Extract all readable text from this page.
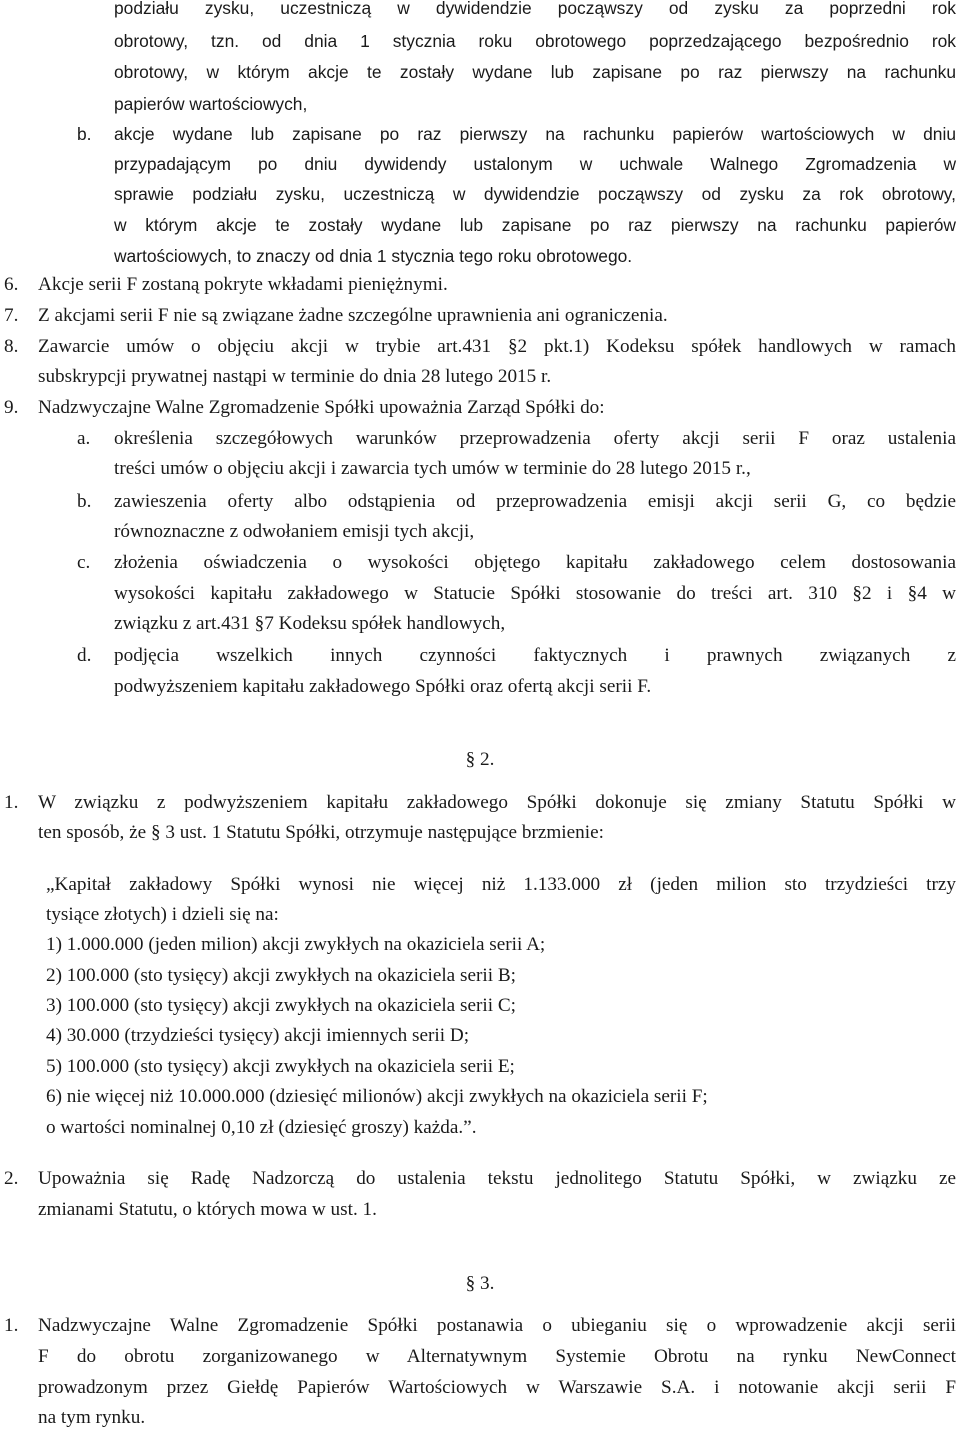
podziału zysku, uczestniczą w dywidendzie począwszy od zysku za poprzedni rok
obrotowy, tzn. od dnia 1 stycznia roku obrotowego poprzedzającego bezpośrednio rok
obrotowy, w którym akcje te zostały wydane lub zapisane po raz pierwszy na rachunku
papierów wartościowych,
b. akcje wydane lub zapisane po raz pierwszy na rachunku papierów wartościowych w dniu
przypadającym po dniu dywidendy ustalonym w uchwale Walnego Zgromadzenia w
sprawie podziału zysku, uczestniczą w dywidendzie począwszy od zysku za rok obrotowy,
w którym akcje te zostały wydane lub zapisane po raz pierwszy na rachunku papierów
wartościowych, to znaczy od dnia 1 stycznia tego roku obrotowego.
6. Akcje serii F zostaną pokryte wkładami pieniężnymi.
7. Z akcjami serii F nie są związane żadne szczególne uprawnienia ani ograniczenia.
8. Zawarcie umów o objęciu akcji w trybie art.431 §2 pkt.1) Kodeksu spółek handlowych w ramach
subskrypcji prywatnej nastąpi w terminie do dnia 28 lutego 2015 r.
9. Nadzwyczajne Walne Zgromadzenie Spółki upoważnia Zarząd Spółki do:
a. określenia szczegółowych warunków przeprowadzenia oferty akcji serii F oraz ustalenia
treści umów o objęciu akcji i zawarcia tych umów w terminie do 28 lutego 2015 r.,
b. zawieszenia oferty albo odstąpienia od przeprowadzenia emisji akcji serii G, co będzie
równoznaczne z odwołaniem emisji tych akcji,
c. złożenia oświadczenia o wysokości objętego kapitału zakładowego celem dostosowania
wysokości kapitału zakładowego w Statucie Spółki stosowanie do treści art. 310 §2 i §4 w
związku z art.431 §7 Kodeksu spółek handlowych,
d. podjęcia wszelkich innych czynności faktycznych i prawnych związanych z
podwyższeniem kapitału zakładowego Spółki oraz ofertą akcji serii F.
§ 2.
1. W związku z podwyższeniem kapitału zakładowego Spółki dokonuje się zmiany Statutu Spółki w
ten sposób, że § 3 ust. 1 Statutu Spółki, otrzymuje następujące brzmienie:
„Kapitał zakładowy Spółki wynosi nie więcej niż 1.133.000 zł (jeden milion sto trzydzieści trzy
tysiące złotych) i dzieli się na:
1) 1.000.000 (jeden milion) akcji zwykłych na okaziciela serii A;
2) 100.000 (sto tysięcy) akcji zwykłych na okaziciela serii B;
3) 100.000 (sto tysięcy) akcji zwykłych na okaziciela serii C;
4) 30.000 (trzydzieści tysięcy) akcji imiennych serii D;
5) 100.000 (sto tysięcy) akcji zwykłych na okaziciela serii E;
6) nie więcej niż 10.000.000 (dziesięć milionów) akcji zwykłych na okaziciela serii F;
o wartości nominalnej 0,10 zł (dziesięć groszy) każda.”.
2. Upoważnia się Radę Nadzorczą do ustalenia tekstu jednolitego Statutu Spółki, w związku ze
zmianami Statutu, o których mowa w ust. 1.
§ 3.
1. Nadzwyczajne Walne Zgromadzenie Spółki postanawia o ubieganiu się o wprowadzenie akcji serii
F do obrotu zorganizowanego w Alternatywnym Systemie Obrotu na rynku NewConnect
prowadzonym przez Giełdę Papierów Wartościowych w Warszawie S.A. i notowanie akcji serii F
na tym rynku.
